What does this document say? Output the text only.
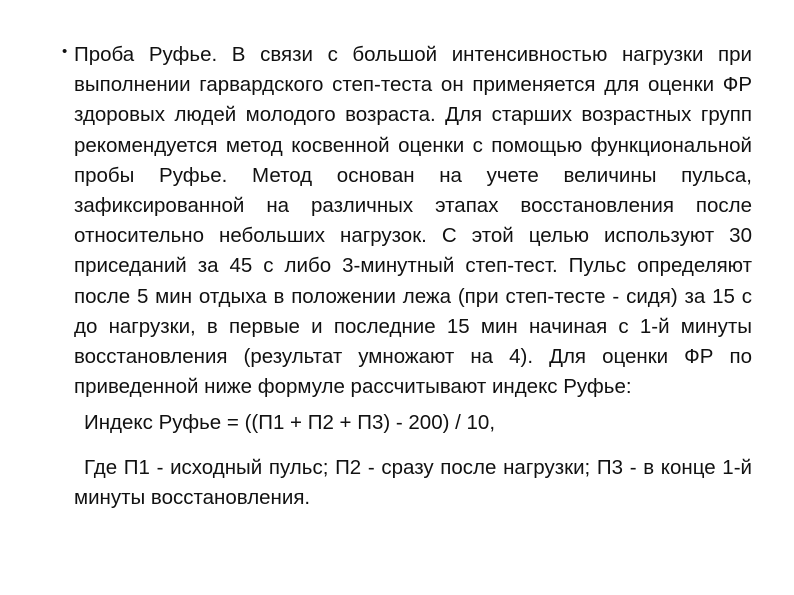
• Проба Руфье. В связи с большой интенсивностью нагрузки при выполнении гарвардского степ-теста он применяется для оценки ФР здоровых людей молодого возраста. Для старших возрастных групп рекомендуется метод косвенной оценки с помощью функциональной пробы Руфье. Метод основан на учете величины пульса, зафиксированной на различных этапах восстановления после относительно небольших нагрузок. С этой целью используют 30 приседаний за 45 с либо 3-минутный степ-тест. Пульс определяют после 5 мин отдыха в положении лежа (при степ-тесте - сидя) за 15 с до нагрузки, в первые и последние 15 мин начиная с 1-й минуты восстановления (результат умножают на 4). Для оценки ФР по приведенной ниже формуле рассчитывают индекс Руфье:

Индекс Руфье = ((П1 + П2 + П3) - 200) / 10,

Где П1 - исходный пульс; П2 - сразу после нагрузки; П3 - в конце 1-й минуты восстановления.
